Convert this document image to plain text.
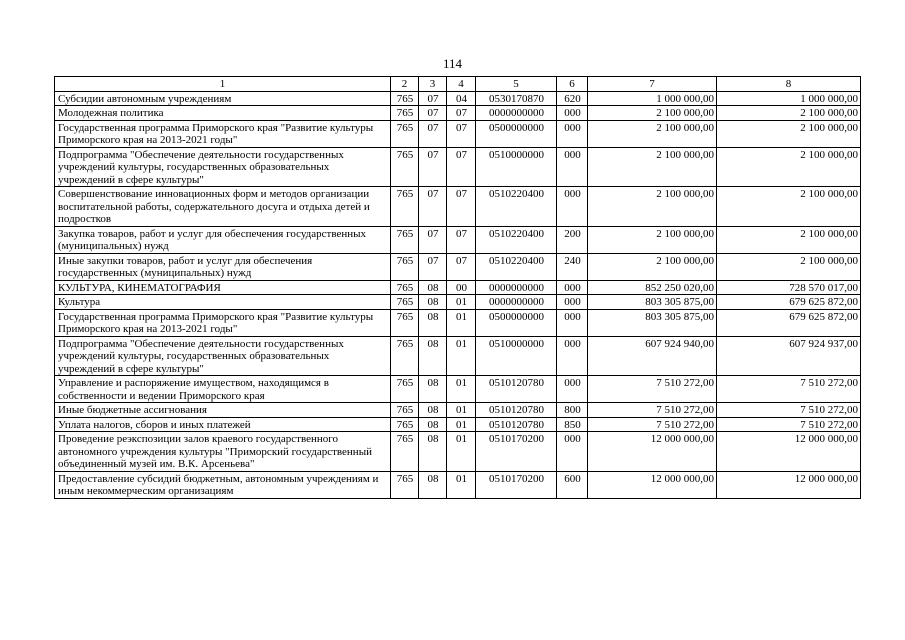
114
1	2	3	4	5	6	7	8
Субсидии автономным учреждениям	765	07	04	0530170870	620	1 000 000,00	1 000 000,00
Молодежная политика	765	07	07	0000000000	000	2 100 000,00	2 100 000,00
Государственная программа Приморского края "Развитие культуры Приморского края на 2013-2021 годы"	765	07	07	0500000000	000	2 100 000,00	2 100 000,00
Подпрограмма "Обеспечение деятельности государственных учреждений культуры, государственных образовательных учреждений в сфере культуры"	765	07	07	0510000000	000	2 100 000,00	2 100 000,00
Совершенствование инновационных форм и методов организации воспитательной работы, содержательного досуга и отдыха детей и подростков	765	07	07	0510220400	000	2 100 000,00	2 100 000,00
Закупка товаров, работ и услуг для обеспечения государственных (муниципальных) нужд	765	07	07	0510220400	200	2 100 000,00	2 100 000,00
Иные закупки товаров, работ и услуг для обеспечения государственных (муниципальных) нужд	765	07	07	0510220400	240	2 100 000,00	2 100 000,00
КУЛЬТУРА, КИНЕМАТОГРАФИЯ	765	08	00	0000000000	000	852 250 020,00	728 570 017,00
Культура	765	08	01	0000000000	000	803 305 875,00	679 625 872,00
Государственная программа Приморского края "Развитие культуры Приморского края на 2013-2021 годы"	765	08	01	0500000000	000	803 305 875,00	679 625 872,00
Подпрограмма "Обеспечение деятельности государственных учреждений культуры, государственных образовательных учреждений в сфере культуры"	765	08	01	0510000000	000	607 924 940,00	607 924 937,00
Управление и распоряжение имуществом, находящимся в собственности и ведении Приморского края	765	08	01	0510120780	000	7 510 272,00	7 510 272,00
Иные бюджетные ассигнования	765	08	01	0510120780	800	7 510 272,00	7 510 272,00
Уплата налогов, сборов и иных платежей	765	08	01	0510120780	850	7 510 272,00	7 510 272,00
Проведение реэкспозиции залов краевого государственного автономного учреждения культуры "Приморский государственный объединенный музей им. В.К. Арсеньева"	765	08	01	0510170200	000	12 000 000,00	12 000 000,00
Предоставление субсидий бюджетным, автономным учреждениям и иным некоммерческим организациям	765	08	01	0510170200	600	12 000 000,00	12 000 000,00
